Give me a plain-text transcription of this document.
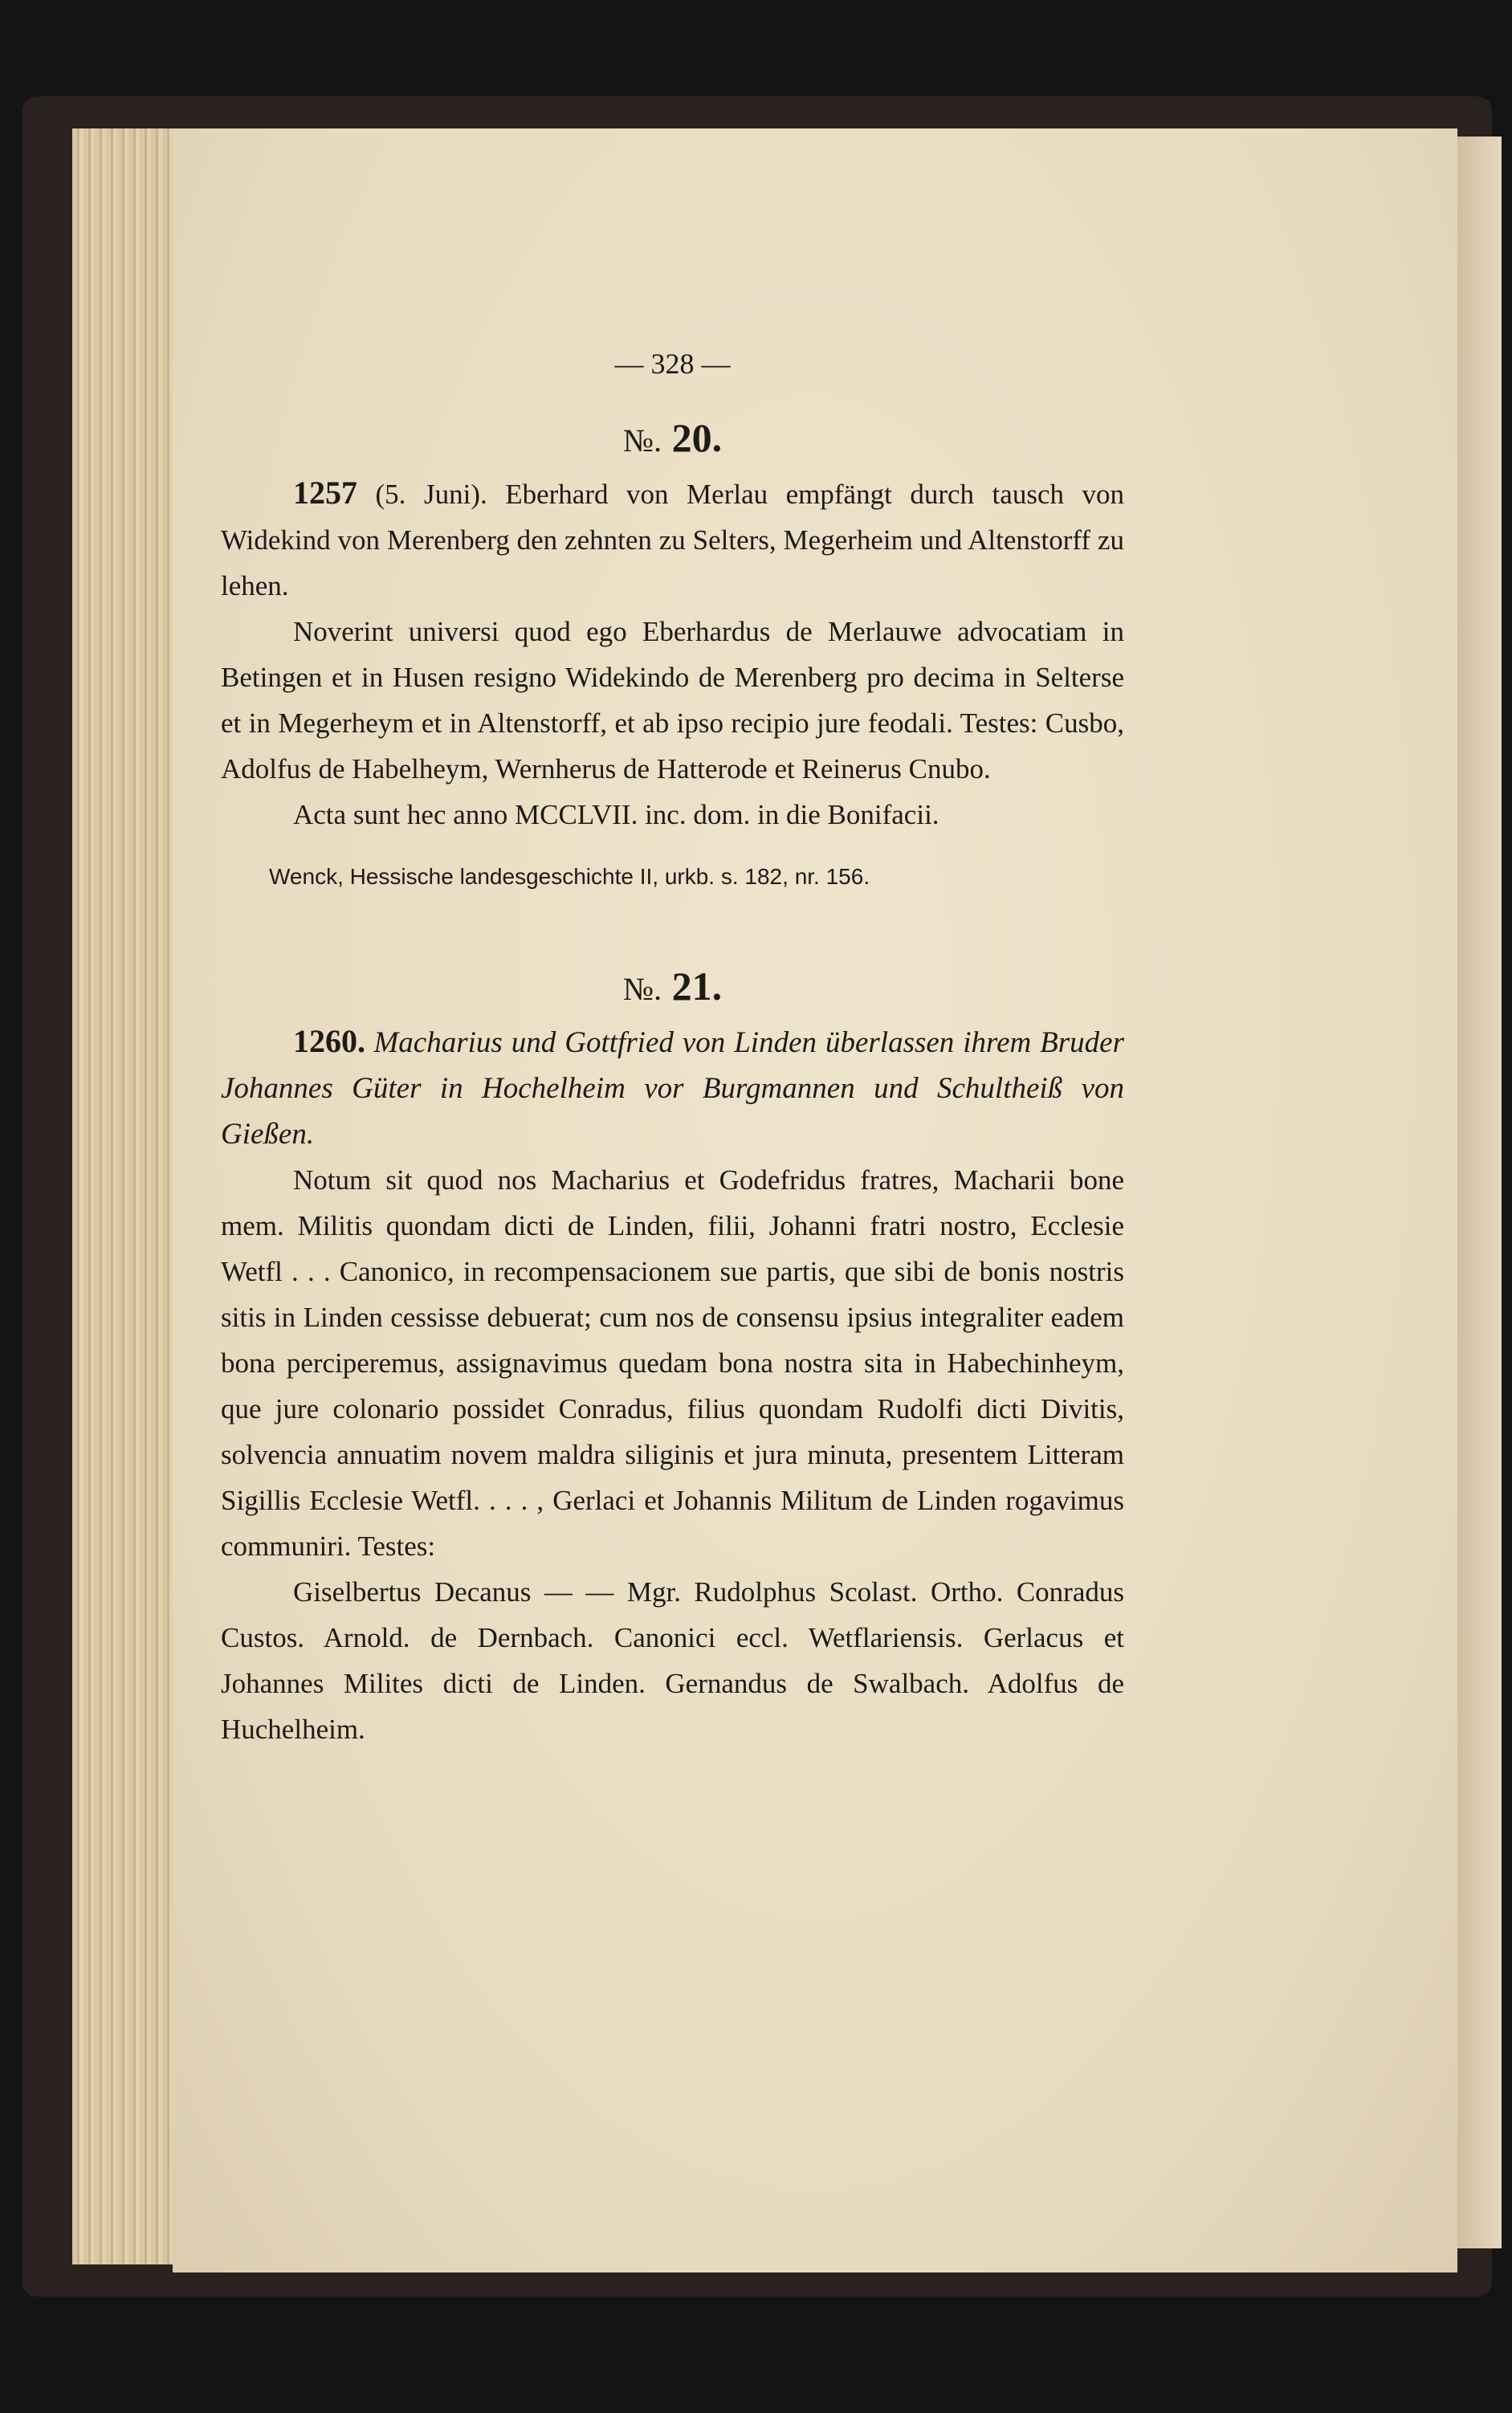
— 328 —
№. 20.

1257 (5. Juni). Eberhard von Merlau empfängt durch tausch von Widekind von Merenberg den zehnten zu Selters, Megerheim und Altenstorff zu lehen.

Noverint universi quod ego Eberhardus de Merlauwe advocatiam in Betingen et in Husen resigno Widekindo de Merenberg pro decima in Selterse et in Megerheym et in Altenstorff, et ab ipso recipio jure feodali. Testes: Cusbo, Adolfus de Habelheym, Wernherus de Hatterode et Reinerus Cnubo.

Acta sunt hec anno MCCLVII. inc. dom. in die Bonifacii.

Wenck, Hessische landesgeschichte II, urkb. s. 182, nr. 156.
№. 21.

1260. Macharius und Gottfried von Linden überlassen ihrem Bruder Johannes Güter in Hochelheim vor Burgmannen und Schultheiß von Gießen.

Notum sit quod nos Macharius et Godefridus fratres, Macharii bone mem. Militis quondam dicti de Linden, filii, Johanni fratri nostro, Ecclesie Wetfl . . . Canonico, in recompensacionem sue partis, que sibi de bonis nostris sitis in Linden cessisse debuerat; cum nos de consensu ipsius integraliter eadem bona perciperemus, assignavimus quedam bona nostra sita in Habechinheym, que jure colonario possidet Conradus, filius quondam Rudolfi dicti Divitis, solvencia annuatim novem maldra siliginis et jura minuta, presentem Litteram Sigillis Ecclesie Wetfl. . . . , Gerlaci et Johannis Militum de Linden rogavimus communiri. Testes:

Giselbertus Decanus — — Mgr. Rudolphus Scolast. Ortho. Conradus Custos. Arnold. de Dernbach. Canonici eccl. Wetflariensis. Gerlacus et Johannes Milites dicti de Linden. Gernandus de Swalbach. Adolfus de Huchelheim.
